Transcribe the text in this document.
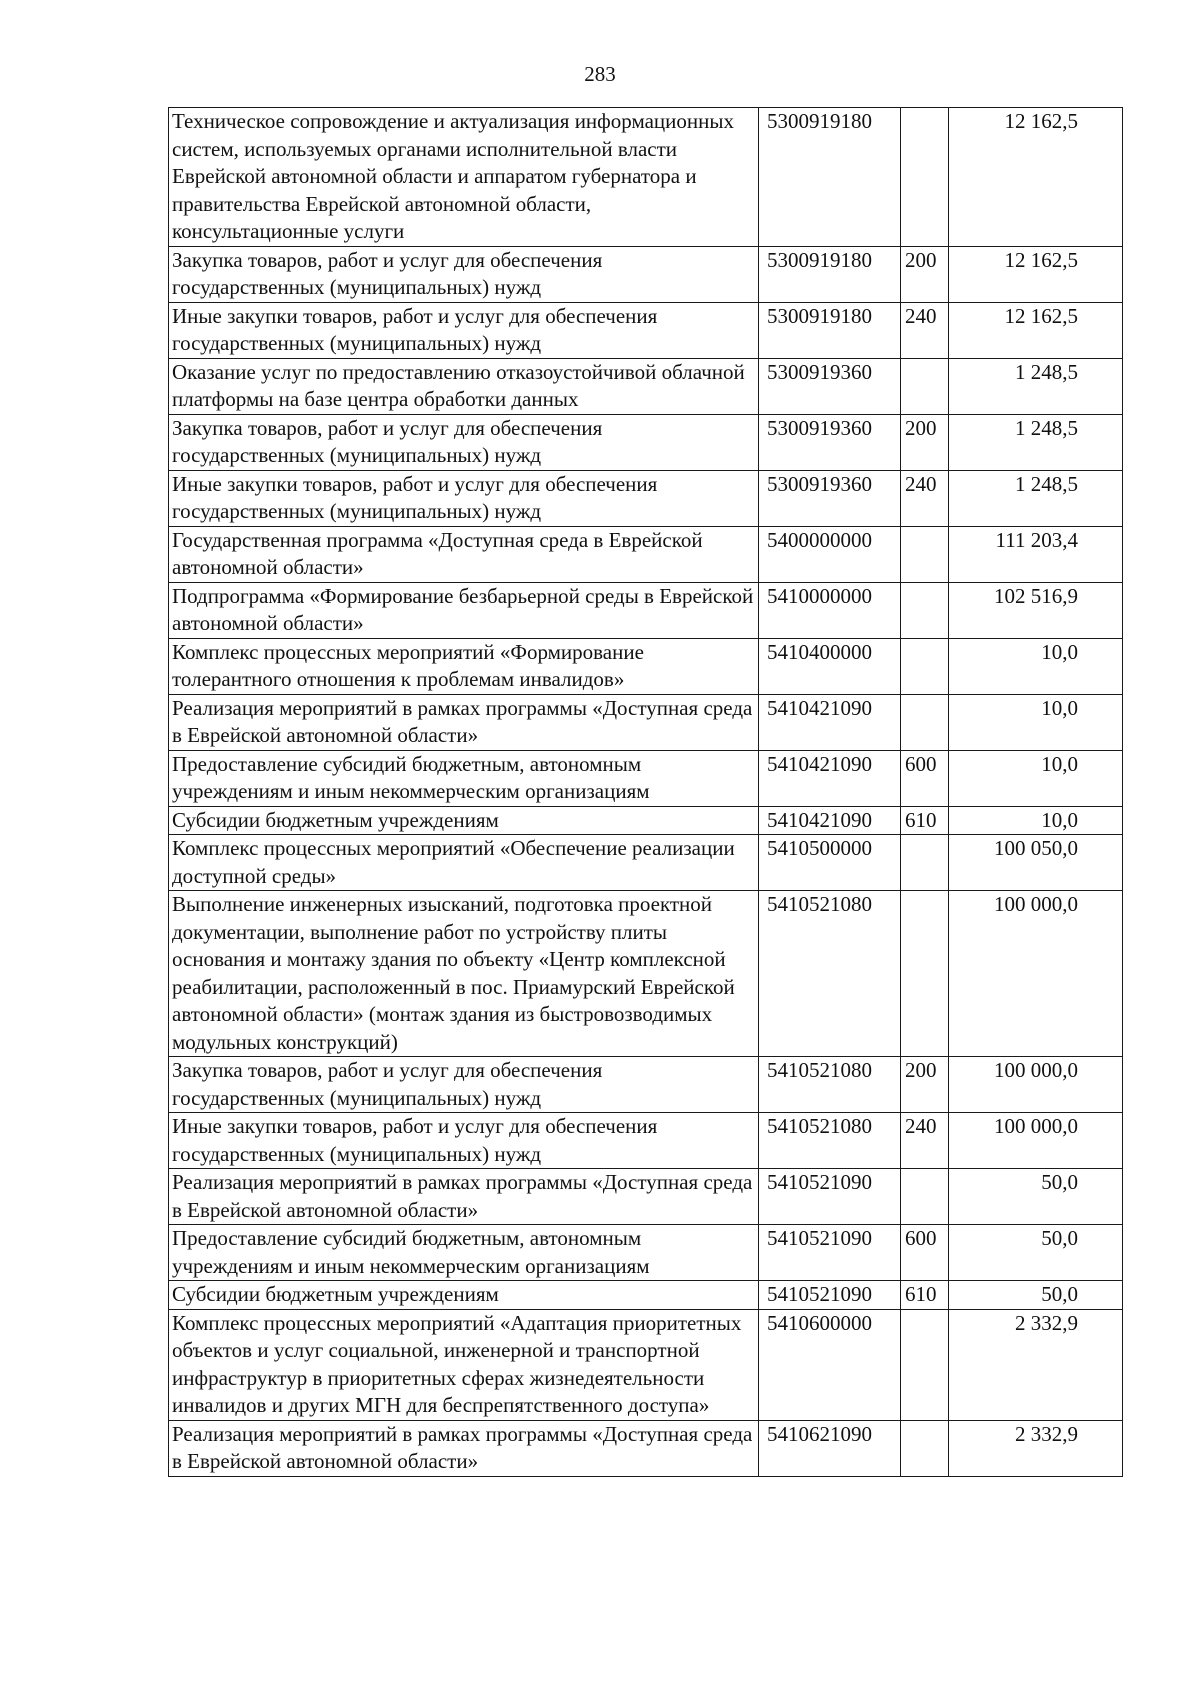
283
Техническое сопровождение и актуализация информационных систем, используемых органами исполнительной власти Еврейской автономной области и аппаратом губернатора и правительства Еврейской автономной области, консультационные услуги	5300919180		12 162,5
Закупка товаров, работ и услуг для обеспечения государственных (муниципальных) нужд	5300919180	200	12 162,5
Иные закупки товаров, работ и услуг для обеспечения государственных (муниципальных) нужд	5300919180	240	12 162,5
Оказание услуг по предоставлению отказоустойчивой облачной платформы на базе центра обработки данных	5300919360		1 248,5
Закупка товаров, работ и услуг для обеспечения государственных (муниципальных) нужд	5300919360	200	1 248,5
Иные закупки товаров, работ и услуг для обеспечения государственных (муниципальных) нужд	5300919360	240	1 248,5
Государственная программа «Доступная среда в Еврейской автономной области»	5400000000		111 203,4
Подпрограмма «Формирование безбарьерной среды в Еврейской автономной области»	5410000000		102 516,9
Комплекс процессных мероприятий «Формирование толерантного отношения к проблемам инвалидов»	5410400000		10,0
Реализация мероприятий в рамках программы «Доступная среда в Еврейской автономной области»	5410421090		10,0
Предоставление субсидий бюджетным, автономным учреждениям и иным некоммерческим организациям	5410421090	600	10,0
Субсидии бюджетным учреждениям	5410421090	610	10,0
Комплекс процессных мероприятий «Обеспечение реализации доступной среды»	5410500000		100 050,0
Выполнение инженерных изысканий, подготовка проектной документации, выполнение работ по устройству плиты основания и монтажу здания по объекту «Центр комплексной реабилитации, расположенный в пос. Приамурский Еврейской автономной области» (монтаж здания из быстровозводимых модульных конструкций)	5410521080		100 000,0
Закупка товаров, работ и услуг для обеспечения государственных (муниципальных) нужд	5410521080	200	100 000,0
Иные закупки товаров, работ и услуг для обеспечения государственных (муниципальных) нужд	5410521080	240	100 000,0
Реализация мероприятий в рамках программы «Доступная среда в Еврейской автономной области»	5410521090		50,0
Предоставление субсидий бюджетным, автономным учреждениям и иным некоммерческим организациям	5410521090	600	50,0
Субсидии бюджетным учреждениям	5410521090	610	50,0
Комплекс процессных мероприятий «Адаптация приоритетных объектов и услуг социальной, инженерной и транспортной инфраструктур в приоритетных сферах жизнедеятельности инвалидов и других МГН для беспрепятственного доступа»	5410600000		2 332,9
Реализация мероприятий в рамках программы «Доступная среда в Еврейской автономной области»	5410621090		2 332,9
